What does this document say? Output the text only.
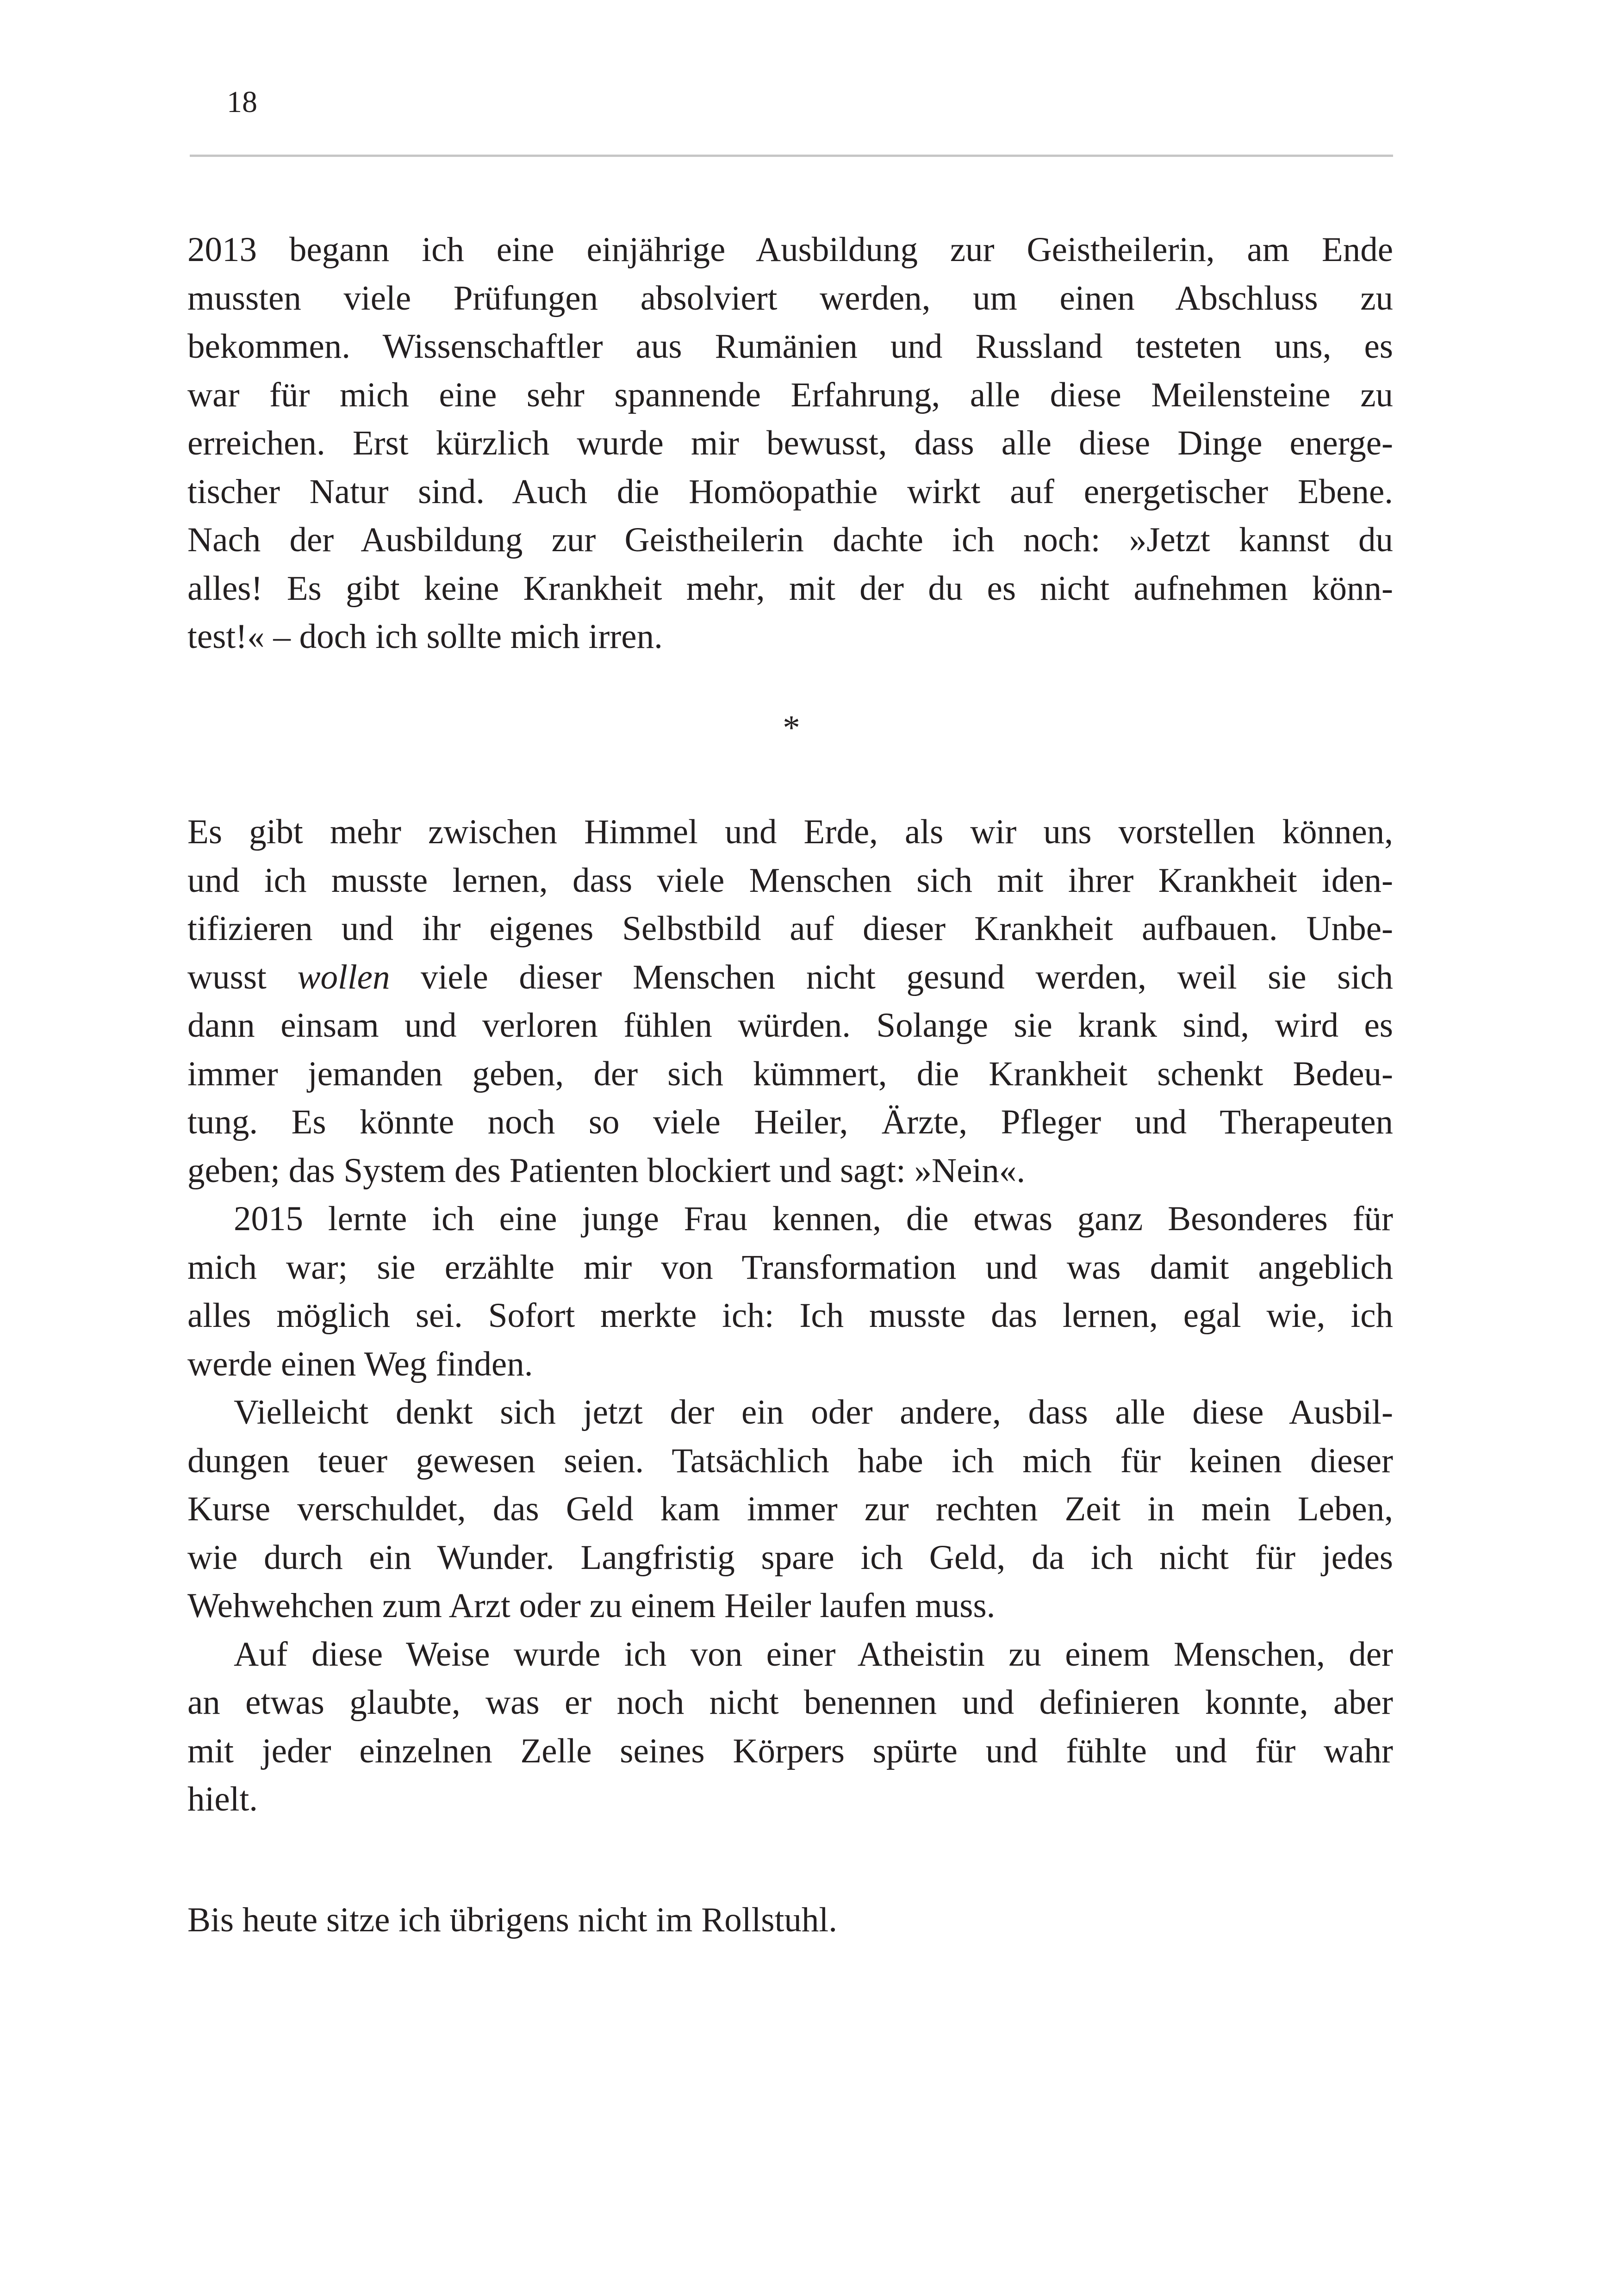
18
2013 begann ich eine einjährige Ausbildung zur Geistheilerin, am Ende
mussten viele Prüfungen absolviert werden, um einen Abschluss zu
bekommen. Wissenschaftler aus Rumänien und Russland testeten uns, es
war für mich eine sehr spannende Erfahrung, alle diese Meilensteine zu
erreichen. Erst kürzlich wurde mir bewusst, dass alle diese Dinge energe-
tischer Natur sind. Auch die Homöopathie wirkt auf energetischer Ebene.
Nach der Ausbildung zur Geistheilerin dachte ich noch: »Jetzt kannst du
alles! Es gibt keine Krankheit mehr, mit der du es nicht aufnehmen könn-
test!« – doch ich sollte mich irren.
*
Es gibt mehr zwischen Himmel und Erde, als wir uns vorstellen können,
und ich musste lernen, dass viele Menschen sich mit ihrer Krankheit iden-
tifizieren und ihr eigenes Selbstbild auf dieser Krankheit aufbauen. Unbe-
wusst wollen viele dieser Menschen nicht gesund werden, weil sie sich
dann einsam und verloren fühlen würden. Solange sie krank sind, wird es
immer jemanden geben, der sich kümmert, die Krankheit schenkt Bedeu-
tung. Es könnte noch so viele Heiler, Ärzte, Pfleger und Therapeuten
geben; das System des Patienten blockiert und sagt: »Nein«.
2015 lernte ich eine junge Frau kennen, die etwas ganz Besonderes für
mich war; sie erzählte mir von Transformation und was damit angeblich
alles möglich sei. Sofort merkte ich: Ich musste das lernen, egal wie, ich
werde einen Weg finden.
Vielleicht denkt sich jetzt der ein oder andere, dass alle diese Ausbil-
dungen teuer gewesen seien. Tatsächlich habe ich mich für keinen dieser
Kurse verschuldet, das Geld kam immer zur rechten Zeit in mein Leben,
wie durch ein Wunder. Langfristig spare ich Geld, da ich nicht für jedes
Wehwehchen zum Arzt oder zu einem Heiler laufen muss.
Auf diese Weise wurde ich von einer Atheistin zu einem Menschen, der
an etwas glaubte, was er noch nicht benennen und definieren konnte, aber
mit jeder einzelnen Zelle seines Körpers spürte und fühlte und für wahr
hielt.
Bis heute sitze ich übrigens nicht im Rollstuhl.
